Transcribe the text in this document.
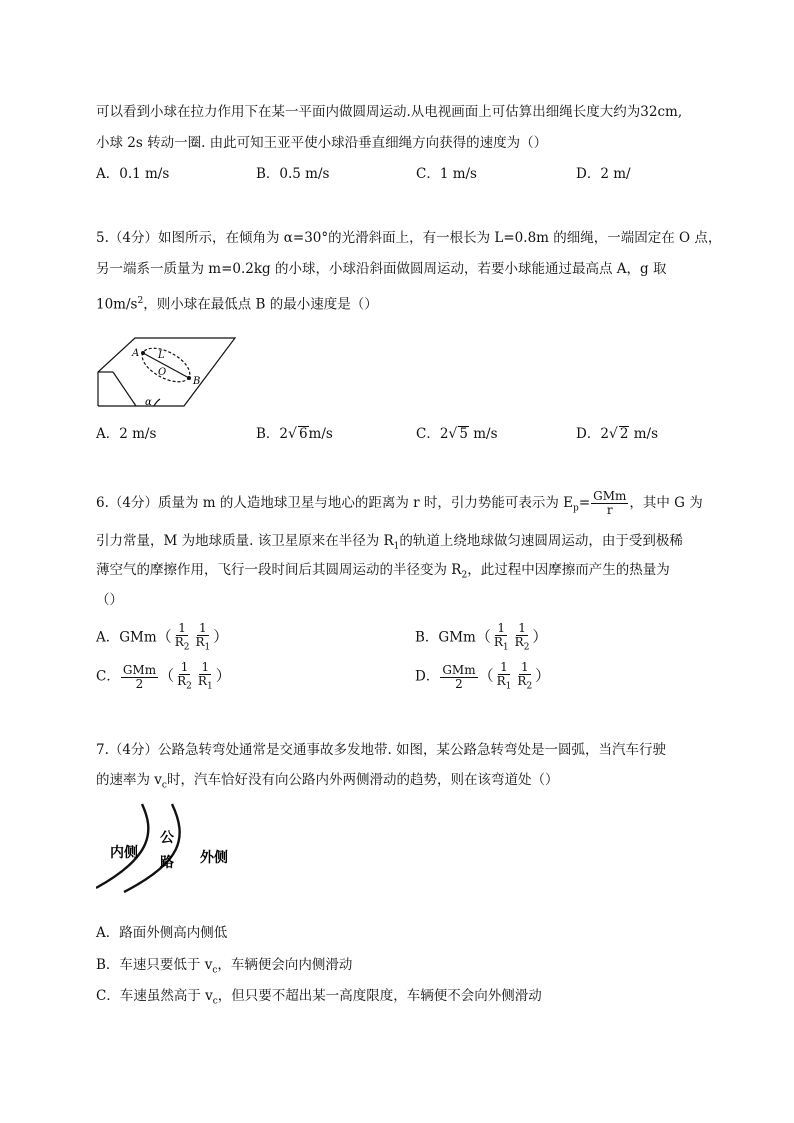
可以看到小球在拉力作用下在某一平面内做圆周运动.从电视画面上可估算出细绳长度大约为32cm,
小球 2s 转动一圈. 由此可知王亚平使小球沿垂直细绳方向获得的速度为（）
A．0.1 m/s	B．0.5 m/s	C．1 m/s	D．2 m/
5.（4分）如图所示，在倾角为 α=30°的光滑斜面上，有一根长为 L=0.8m 的细绳，一端固定在 O 点，
另一端系一质量为 m=0.2kg 的小球，小球沿斜面做圆周运动，若要小球能通过最高点 A，g 取
$10m/s^2$，则小球在最低点 B 的最小速度是（）
A L
O
B
α
A．2 m/s	B．2√ 6m/s	C．2√ 5 m/s	D．2√ 2 m/s
6.（4分）质量为 m 的人造地球卫星与地心的距离为 r 时，引力势能可表示为 $E_p= \frac{\text{GMm}}{r}$ ，其中 G 为
引力常量，M 为地球质量. 该卫星原来在半径为 $R_1$的轨道上绕地球做匀速圆周运动，由于受到极稀
薄空气的摩擦作用，飞行一段时间后其圆周运动的半径变为 $R_2$，此过程中因摩擦而产生的热量为
（）
A．$GMm( \frac{1}{R_2} \frac{1}{R_1}$ ）	B．$GMm( \frac{1}{R_1} \frac{1}{R_2}$ ）
C． $\frac{\text{GMm}}{2}$ （ $\frac{1}{R_2} \frac{1}{R_1}$ ）	D． $\frac{\text{GMm}}{2}$ （ $\frac{1}{R_1} \frac{1}{R_2}$ ）
7.（4分）公路急转弯处通常是交通事故多发地带. 如图，某公路急转弯处是一圆弧，当汽车行驶
的速率为 $v_c$时，汽车恰好没有向公路内外两侧滑动的趋势，则在该弯道处（）
内侧
公
路 外侧
A．路面外侧高内侧低
B．车速只要低于 $v_c$，车辆便会向内侧滑动
C．车速虽然高于 $v_c$，但只要不超出某一高度限度，车辆便不会向外侧滑动
